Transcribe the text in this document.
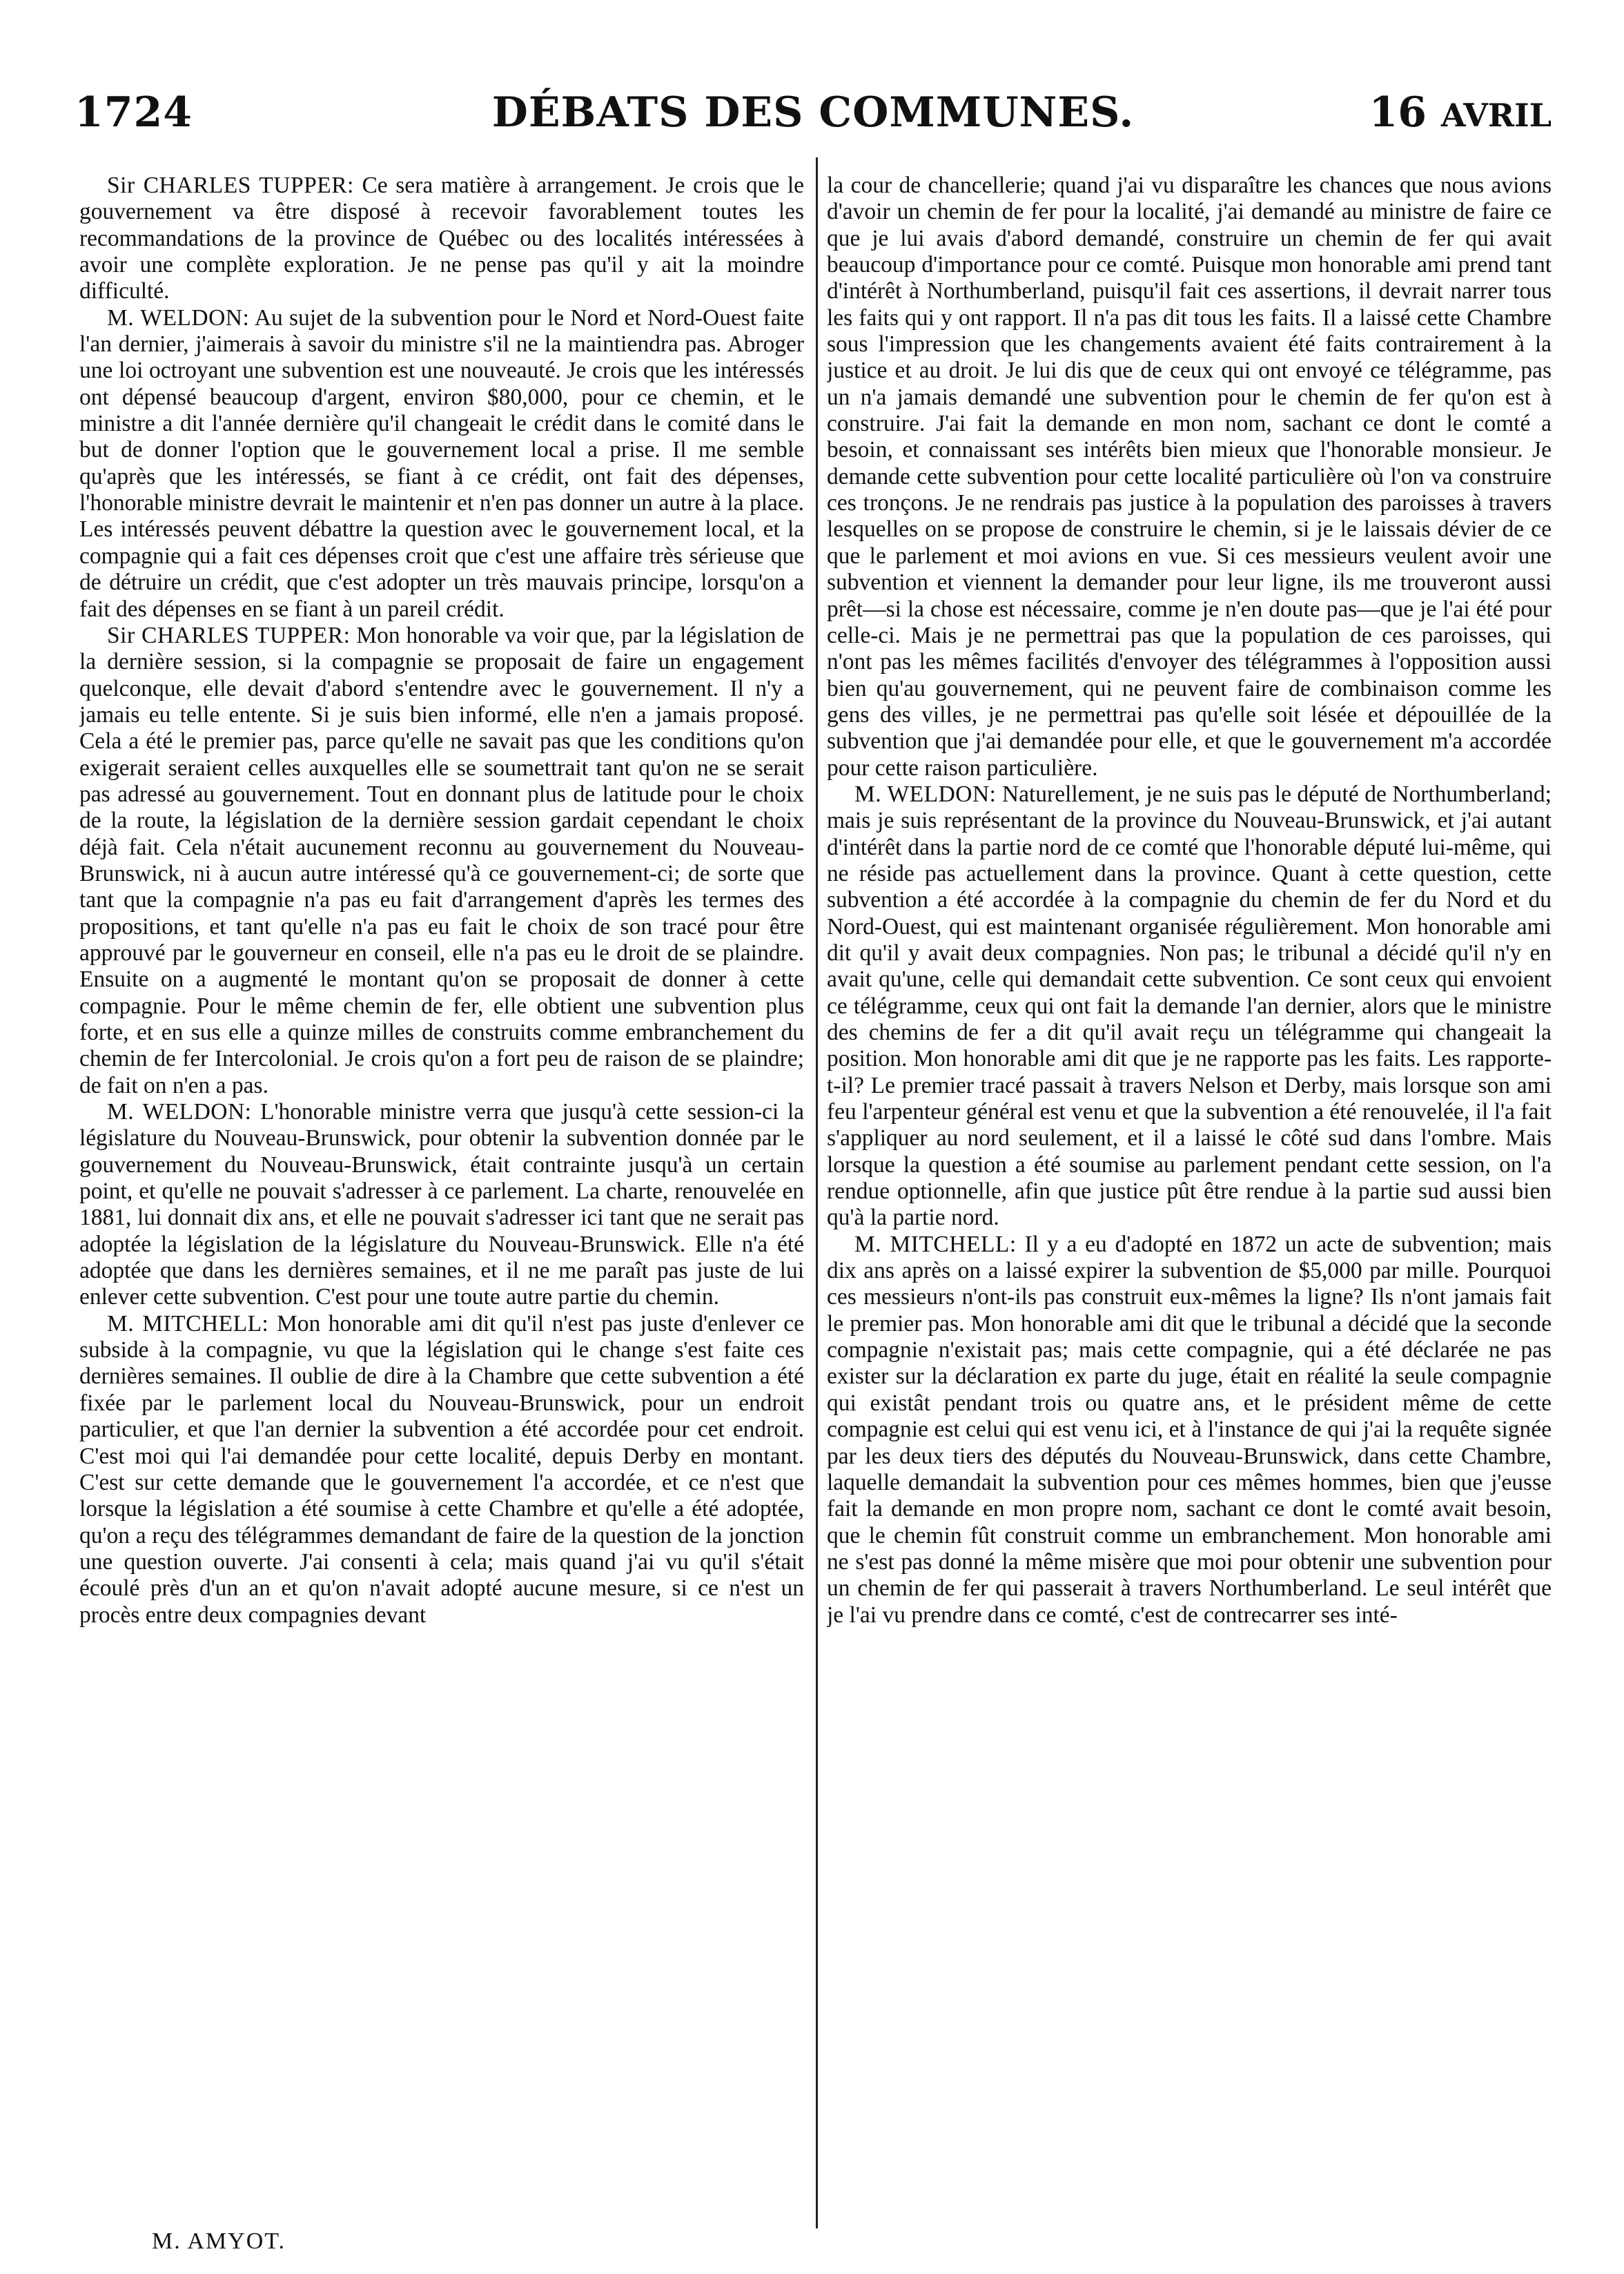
1724	DÉBATS DES COMMUNES.	16 AVRIL

Sir CHARLES TUPPER: Ce sera matière à arrangement. Je crois que le gouvernement va être disposé à recevoir favorablement toutes les recommandations de la province de Québec ou des localités intéressées à avoir une complète exploration. Je ne pense pas qu'il y ait la moindre difficulté.

M. WELDON: Au sujet de la subvention pour le Nord et Nord-Ouest faite l'an dernier, j'aimerais à savoir du ministre s'il ne la maintiendra pas. Abroger une loi octroyant une subvention est une nouveauté. Je crois que les intéressés ont dépensé beaucoup d'argent, environ $80,000, pour ce chemin, et le ministre a dit l'année dernière qu'il changeait le crédit dans le comité dans le but de donner l'option que le gouvernement local a prise. Il me semble qu'après que les intéressés, se fiant à ce crédit, ont fait des dépenses, l'honorable ministre devrait le maintenir et n'en pas donner un autre à la place. Les intéressés peuvent débattre la question avec le gouvernement local, et la compagnie qui a fait ces dépenses croit que c'est une affaire très sérieuse que de détruire un crédit, que c'est adopter un très mauvais principe, lorsqu'on a fait des dépenses en se fiant à un pareil crédit.

Sir CHARLES TUPPER: Mon honorable va voir que, par la législation de la dernière session, si la compagnie se proposait de faire un engagement quelconque, elle devait d'abord s'entendre avec le gouvernement. Il n'y a jamais eu telle entente. Si je suis bien informé, elle n'en a jamais proposé. Cela a été le premier pas, parce qu'elle ne savait pas que les conditions qu'on exigerait seraient celles auxquelles elle se soumettrait tant qu'on ne se serait pas adressé au gouvernement. Tout en donnant plus de latitude pour le choix de la route, la législation de la dernière session gardait cependant le choix déjà fait. Cela n'était aucunement reconnu au gouvernement du Nouveau-Brunswick, ni à aucun autre intéressé qu'à ce gouvernement-ci; de sorte que tant que la compagnie n'a pas eu fait d'arrangement d'après les termes des propositions, et tant qu'elle n'a pas eu fait le choix de son tracé pour être approuvé par le gouverneur en conseil, elle n'a pas eu le droit de se plaindre. Ensuite on a augmenté le montant qu'on se proposait de donner à cette compagnie. Pour le même chemin de fer, elle obtient une subvention plus forte, et en sus elle a quinze milles de construits comme embranchement du chemin de fer Intercolonial. Je crois qu'on a fort peu de raison de se plaindre; de fait on n'en a pas.

M. WELDON: L'honorable ministre verra que jusqu'à cette session-ci la législature du Nouveau-Brunswick, pour obtenir la subvention donnée par le gouvernement du Nouveau-Brunswick, était contrainte jusqu'à un certain point, et qu'elle ne pouvait s'adresser à ce parlement. La charte, renouvelée en 1881, lui donnait dix ans, et elle ne pouvait s'adresser ici tant que ne serait pas adoptée la législation de la législature du Nouveau-Brunswick. Elle n'a été adoptée que dans les dernières semaines, et il ne me paraît pas juste de lui enlever cette subvention. C'est pour une toute autre partie du chemin.

M. MITCHELL: Mon honorable ami dit qu'il n'est pas juste d'enlever ce subside à la compagnie, vu que la législation qui le change s'est faite ces dernières semaines. Il oublie de dire à la Chambre que cette subvention a été fixée par le parlement local du Nouveau-Brunswick, pour un endroit particulier, et que l'an dernier la subvention a été accordée pour cet endroit. C'est moi qui l'ai demandée pour cette localité, depuis Derby en montant. C'est sur cette demande que le gouvernement l'a accordée, et ce n'est que lorsque la législation a été soumise à cette Chambre et qu'elle a été adoptée, qu'on a reçu des télégrammes demandant de faire de la question de la jonction une question ouverte. J'ai consenti à cela; mais quand j'ai vu qu'il s'était écoulé près d'un an et qu'on n'avait adopté aucune mesure, si ce n'est un procès entre deux compagnies devant

la cour de chancellerie; quand j'ai vu disparaître les chances que nous avions d'avoir un chemin de fer pour la localité, j'ai demandé au ministre de faire ce que je lui avais d'abord demandé, construire un chemin de fer qui avait beaucoup d'importance pour ce comté. Puisque mon honorable ami prend tant d'intérêt à Northumberland, puisqu'il fait ces assertions, il devrait narrer tous les faits qui y ont rapport. Il n'a pas dit tous les faits. Il a laissé cette Chambre sous l'impression que les changements avaient été faits contrairement à la justice et au droit. Je lui dis que de ceux qui ont envoyé ce télégramme, pas un n'a jamais demandé une subvention pour le chemin de fer qu'on est à construire. J'ai fait la demande en mon nom, sachant ce dont le comté a besoin, et connaissant ses intérêts bien mieux que l'honorable monsieur. Je demande cette subvention pour cette localité particulière où l'on va construire ces tronçons. Je ne rendrais pas justice à la population des paroisses à travers lesquelles on se propose de construire le chemin, si je le laissais dévier de ce que le parlement et moi avions en vue. Si ces messieurs veulent avoir une subvention et viennent la demander pour leur ligne, ils me trouveront aussi prêt—si la chose est nécessaire, comme je n'en doute pas—que je l'ai été pour celle-ci. Mais je ne permettrai pas que la population de ces paroisses, qui n'ont pas les mêmes facilités d'envoyer des télégrammes à l'opposition aussi bien qu'au gouvernement, qui ne peuvent faire de combinaison comme les gens des villes, je ne permettrai pas qu'elle soit lésée et dépouillée de la subvention que j'ai demandée pour elle, et que le gouvernement m'a accordée pour cette raison particulière.

M. WELDON: Naturellement, je ne suis pas le député de Northumberland; mais je suis représentant de la province du Nouveau-Brunswick, et j'ai autant d'intérêt dans la partie nord de ce comté que l'honorable député lui-même, qui ne réside pas actuellement dans la province. Quant à cette question, cette subvention a été accordée à la compagnie du chemin de fer du Nord et du Nord-Ouest, qui est maintenant organisée régulièrement. Mon honorable ami dit qu'il y avait deux compagnies. Non pas; le tribunal a décidé qu'il n'y en avait qu'une, celle qui demandait cette subvention. Ce sont ceux qui envoient ce télégramme, ceux qui ont fait la demande l'an dernier, alors que le ministre des chemins de fer a dit qu'il avait reçu un télégramme qui changeait la position. Mon honorable ami dit que je ne rapporte pas les faits. Les rapporte-t-il? Le premier tracé passait à travers Nelson et Derby, mais lorsque son ami feu l'arpenteur général est venu et que la subvention a été renouvelée, il l'a fait s'appliquer au nord seulement, et il a laissé le côté sud dans l'ombre. Mais lorsque la question a été soumise au parlement pendant cette session, on l'a rendue optionnelle, afin que justice pût être rendue à la partie sud aussi bien qu'à la partie nord.

M. MITCHELL: Il y a eu d'adopté en 1872 un acte de subvention; mais dix ans après on a laissé expirer la subvention de $5,000 par mille. Pourquoi ces messieurs n'ont-ils pas construit eux-mêmes la ligne? Ils n'ont jamais fait le premier pas. Mon honorable ami dit que le tribunal a décidé que la seconde compagnie n'existait pas; mais cette compagnie, qui a été déclarée ne pas exister sur la déclaration ex parte du juge, était en réalité la seule compagnie qui existât pendant trois ou quatre ans, et le président même de cette compagnie est celui qui est venu ici, et à l'instance de qui j'ai la requête signée par les deux tiers des députés du Nouveau-Brunswick, dans cette Chambre, laquelle demandait la subvention pour ces mêmes hommes, bien que j'eusse fait la demande en mon propre nom, sachant ce dont le comté avait besoin, que le chemin fût construit comme un embranchement. Mon honorable ami ne s'est pas donné la même misère que moi pour obtenir une subvention pour un chemin de fer qui passerait à travers Northumberland. Le seul intérêt que je l'ai vu prendre dans ce comté, c'est de contrecarrer ses inté-

M. AMYOT.
